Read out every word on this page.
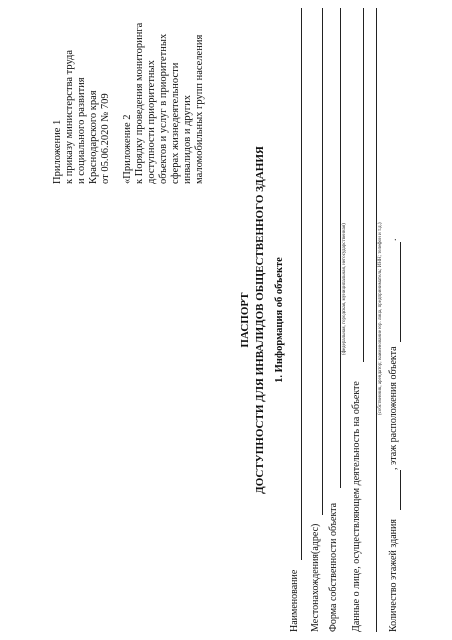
Приложение 1 к приказу министерства труда и социального развития Краснодарского края от 05.06.2020 № 709 «Приложение 2 к Порядку проведения мониторинга доступности приоритетных объектов и услуг в приоритетных сферах жизнедеятельности инвалидов и других маломобильных групп населения
ПАСПОРТ ДОСТУПНОСТИ ДЛЯ ИНВАЛИДОВ ОБЩЕСТВЕННОГО ЗДАНИЯ 1. Информация об объекте
Наименование Местонахождения(адрес) Форма собственности объекта
(федеральная, городская, муниципальная, негосударственная)
Данные о лице, осуществляющем деятельность на объекте
(собственник, арендатор; наименование юр. лица, предприниматель; ИНН; телефон и т.д.)
Количество этажей здания
, этаж расположения объекта
.
